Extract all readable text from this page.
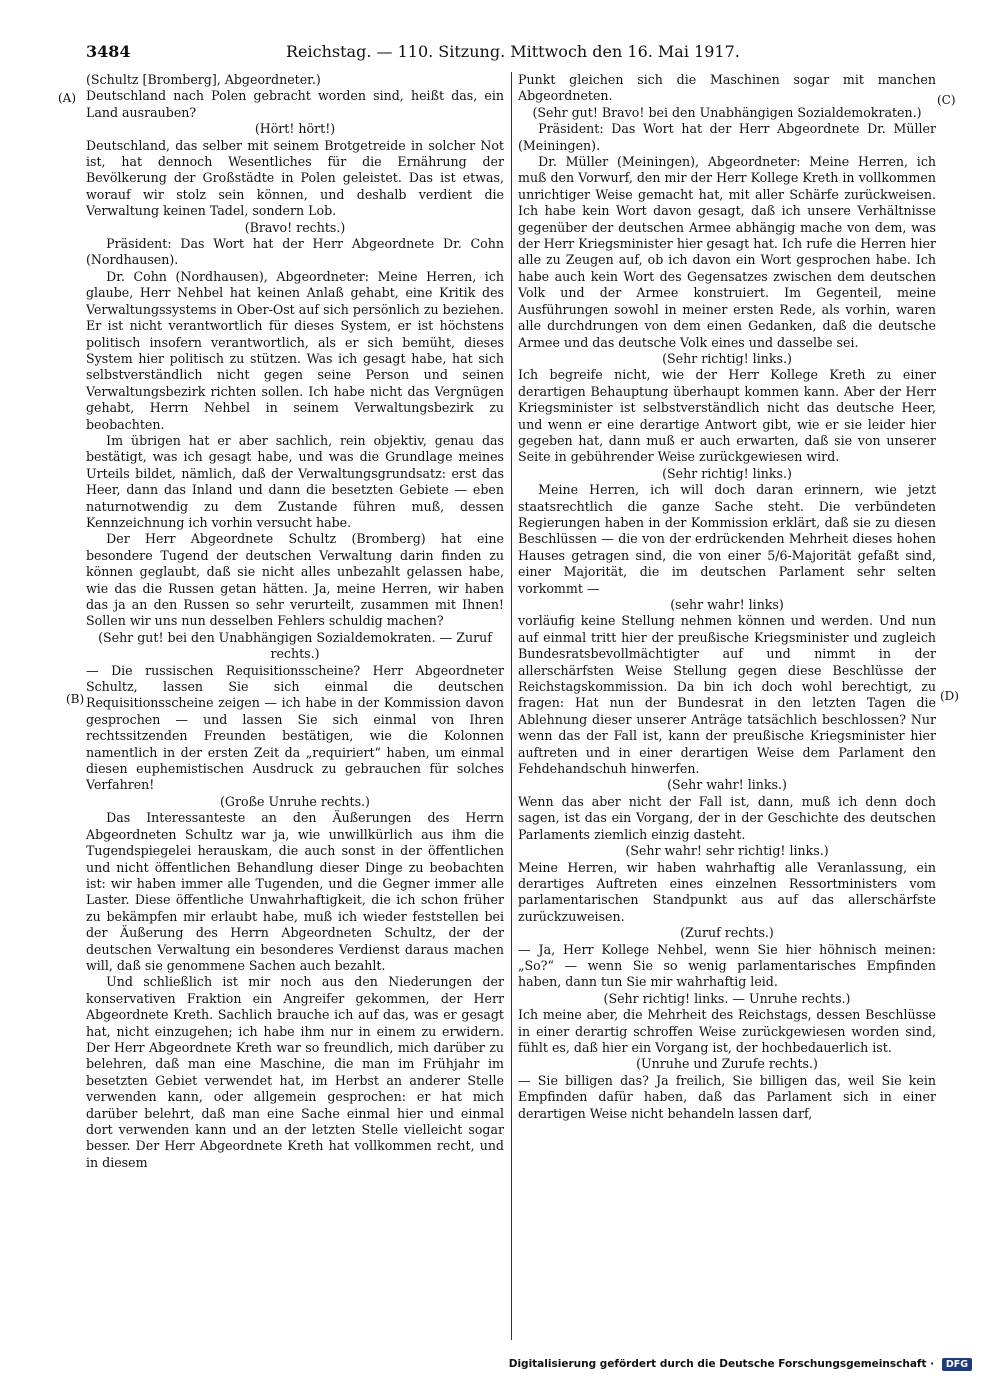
3484	Reichstag. — 110. Sitzung. Mittwoch den 16. Mai 1917.
(A)
(B)
(C)
(D)

(Schultz [Bromberg], Abgeordneter.)

Deutschland nach Polen gebracht worden sind, heißt das, ein Land ausrauben?

(Hört! hört!)

Deutschland, das selber mit seinem Brotgetreide in solcher Not ist, hat dennoch Wesentliches für die Ernährung der Bevölkerung der Großstädte in Polen geleistet. Das ist etwas, worauf wir stolz sein können, und deshalb verdient die Verwaltung keinen Tadel, sondern Lob.

(Bravo! rechts.)

Präsident: Das Wort hat der Herr Abgeordnete Dr. Cohn (Nordhausen).

Dr. Cohn (Nordhausen), Abgeordneter: Meine Herren, ich glaube, Herr Nehbel hat keinen Anlaß gehabt, eine Kritik des Verwaltungssystems in Ober-Ost auf sich persönlich zu beziehen. Er ist nicht verantwortlich für dieses System, er ist höchstens politisch insofern verantwortlich, als er sich bemüht, dieses System hier politisch zu stützen. Was ich gesagt habe, hat sich selbstverständlich nicht gegen seine Person und seinen Verwaltungsbezirk richten sollen. Ich habe nicht das Vergnügen gehabt, Herrn Nehbel in seinem Verwaltungsbezirk zu beobachten.

Im übrigen hat er aber sachlich, rein objektiv, genau das bestätigt, was ich gesagt habe, und was die Grundlage meines Urteils bildet, nämlich, daß der Verwaltungsgrundsatz: erst das Heer, dann das Inland und dann die besetzten Gebiete — eben naturnotwendig zu dem Zustande führen muß, dessen Kennzeichnung ich vorhin versucht habe.

Der Herr Abgeordnete Schultz (Bromberg) hat eine besondere Tugend der deutschen Verwaltung darin finden zu können geglaubt, daß sie nicht alles unbezahlt gelassen habe, wie das die Russen getan hätten. Ja, meine Herren, wir haben das ja an den Russen so sehr verurteilt, zusammen mit Ihnen! Sollen wir uns nun desselben Fehlers schuldig machen?

(Sehr gut! bei den Unabhängigen Sozialdemokraten. — Zuruf rechts.)

— Die russischen Requisitionsscheine? Herr Abgeordneter Schultz, lassen Sie sich einmal die deutschen Requisitionsscheine zeigen — ich habe in der Kommission davon gesprochen — und lassen Sie sich einmal von Ihren rechtssitzenden Freunden bestätigen, wie die Kolonnen namentlich in der ersten Zeit da „requiriert“ haben, um einmal diesen euphemistischen Ausdruck zu gebrauchen für solches Verfahren!

(Große Unruhe rechts.)

Das Interessanteste an den Äußerungen des Herrn Abgeordneten Schultz war ja, wie unwillkürlich aus ihm die Tugendspiegelei herauskam, die auch sonst in der öffentlichen und nicht öffentlichen Behandlung dieser Dinge zu beobachten ist: wir haben immer alle Tugenden, und die Gegner immer alle Laster. Diese öffentliche Unwahrhaftigkeit, die ich schon früher zu bekämpfen mir erlaubt habe, muß ich wieder feststellen bei der Äußerung des Herrn Abgeordneten Schultz, der der deutschen Verwaltung ein besonderes Verdienst daraus machen will, daß sie genommene Sachen auch bezahlt.

Und schließlich ist mir noch aus den Niederungen der konservativen Fraktion ein Angreifer gekommen, der Herr Abgeordnete Kreth. Sachlich brauche ich auf das, was er gesagt hat, nicht einzugehen; ich habe ihm nur in einem zu erwidern. Der Herr Abgeordnete Kreth war so freundlich, mich darüber zu belehren, daß man eine Maschine, die man im Frühjahr im besetzten Gebiet verwendet hat, im Herbst an anderer Stelle verwenden kann, oder allgemein gesprochen: er hat mich darüber belehrt, daß man eine Sache einmal hier und einmal dort verwenden kann und an der letzten Stelle vielleicht sogar besser. Der Herr Abgeordnete Kreth hat vollkommen recht, und in diesem

Punkt gleichen sich die Maschinen sogar mit manchen Abgeordneten.

(Sehr gut! Bravo! bei den Unabhängigen Sozialdemokraten.)

Präsident: Das Wort hat der Herr Abgeordnete Dr. Müller (Meiningen).

Dr. Müller (Meiningen), Abgeordneter: Meine Herren, ich muß den Vorwurf, den mir der Herr Kollege Kreth in vollkommen unrichtiger Weise gemacht hat, mit aller Schärfe zurückweisen. Ich habe kein Wort davon gesagt, daß ich unsere Verhältnisse gegenüber der deutschen Armee abhängig mache von dem, was der Herr Kriegsminister hier gesagt hat. Ich rufe die Herren hier alle zu Zeugen auf, ob ich davon ein Wort gesprochen habe. Ich habe auch kein Wort des Gegensatzes zwischen dem deutschen Volk und der Armee konstruiert. Im Gegenteil, meine Ausführungen sowohl in meiner ersten Rede, als vorhin, waren alle durchdrungen von dem einen Gedanken, daß die deutsche Armee und das deutsche Volk eines und dasselbe sei.

(Sehr richtig! links.)

Ich begreife nicht, wie der Herr Kollege Kreth zu einer derartigen Behauptung überhaupt kommen kann. Aber der Herr Kriegsminister ist selbstverständlich nicht das deutsche Heer, und wenn er eine derartige Antwort gibt, wie er sie leider hier gegeben hat, dann muß er auch erwarten, daß sie von unserer Seite in gebührender Weise zurückgewiesen wird.

(Sehr richtig! links.)

Meine Herren, ich will doch daran erinnern, wie jetzt staatsrechtlich die ganze Sache steht. Die verbündeten Regierungen haben in der Kommission erklärt, daß sie zu diesen Beschlüssen — die von der erdrückenden Mehrheit dieses hohen Hauses getragen sind, die von einer 5/6-Majorität gefaßt sind, einer Majorität, die im deutschen Parlament sehr selten vorkommt —

(sehr wahr! links)

vorläufig keine Stellung nehmen können und werden. Und nun auf einmal tritt hier der preußische Kriegsminister und zugleich Bundesratsbevollmächtigter auf und nimmt in der allerschärfsten Weise Stellung gegen diese Beschlüsse der Reichstagskommission. Da bin ich doch wohl berechtigt, zu fragen: Hat nun der Bundesrat in den letzten Tagen die Ablehnung dieser unserer Anträge tatsächlich beschlossen? Nur wenn das der Fall ist, kann der preußische Kriegsminister hier auftreten und in einer derartigen Weise dem Parlament den Fehdehandschuh hinwerfen.

(Sehr wahr! links.)

Wenn das aber nicht der Fall ist, dann, muß ich denn doch sagen, ist das ein Vorgang, der in der Geschichte des deutschen Parlaments ziemlich einzig dasteht.

(Sehr wahr! sehr richtig! links.)

Meine Herren, wir haben wahrhaftig alle Veranlassung, ein derartiges Auftreten eines einzelnen Ressortministers vom parlamentarischen Standpunkt aus auf das allerschärfste zurückzuweisen.

(Zuruf rechts.)

— Ja, Herr Kollege Nehbel, wenn Sie hier höhnisch meinen: „So?“ — wenn Sie so wenig parlamentarisches Empfinden haben, dann tun Sie mir wahrhaftig leid.

(Sehr richtig! links. — Unruhe rechts.)

Ich meine aber, die Mehrheit des Reichstags, dessen Beschlüsse in einer derartig schroffen Weise zurückgewiesen worden sind, fühlt es, daß hier ein Vorgang ist, der hochbedauerlich ist.

(Unruhe und Zurufe rechts.)

— Sie billigen das? Ja freilich, Sie billigen das, weil Sie kein Empfinden dafür haben, daß das Parlament sich in einer derartigen Weise nicht behandeln lassen darf,

Digitalisierung gefördert durch die Deutsche Forschungsgemeinschaft · DFG
